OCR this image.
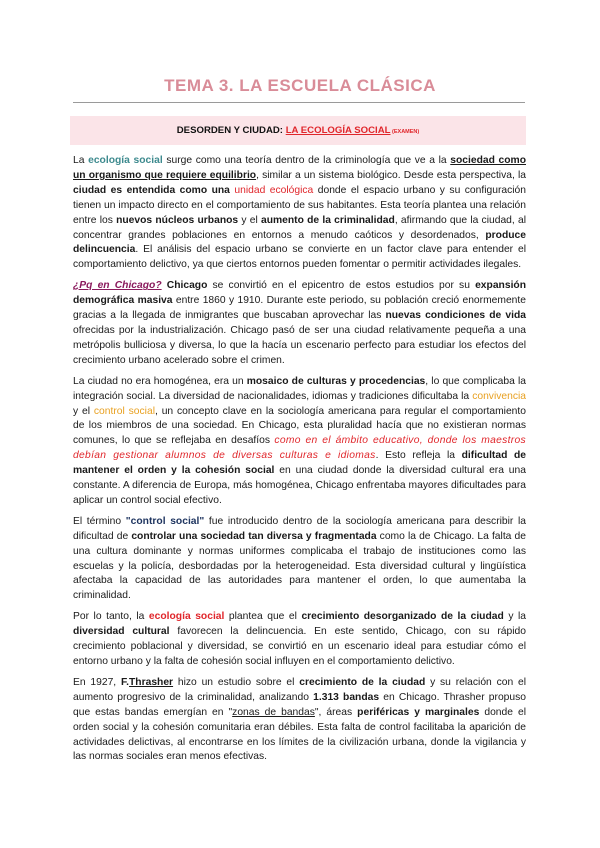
TEMA 3. LA ESCUELA CLÁSICA
DESORDEN Y CIUDAD: LA ECOLOGÍA SOCIAL (EXAMEN)

La ecología social surge como una teoría dentro de la criminología que ve a la sociedad como un organismo que requiere equilibrio, similar a un sistema biológico. Desde esta perspectiva, la ciudad es entendida como una unidad ecológica donde el espacio urbano y su configuración tienen un impacto directo en el comportamiento de sus habitantes. Esta teoría plantea una relación entre los nuevos núcleos urbanos y el aumento de la criminalidad, afirmando que la ciudad, al concentrar grandes poblaciones en entornos a menudo caóticos y desordenados, produce delincuencia. El análisis del espacio urbano se convierte en un factor clave para entender el comportamiento delictivo, ya que ciertos entornos pueden fomentar o permitir actividades ilegales.

¿Pq en Chicago? Chicago se convirtió en el epicentro de estos estudios por su expansión demográfica masiva entre 1860 y 1910. Durante este periodo, su población creció enormemente gracias a la llegada de inmigrantes que buscaban aprovechar las nuevas condiciones de vida ofrecidas por la industrialización. Chicago pasó de ser una ciudad relativamente pequeña a una metrópolis bulliciosa y diversa, lo que la hacía un escenario perfecto para estudiar los efectos del crecimiento urbano acelerado sobre el crimen.

La ciudad no era homogénea, era un mosaico de culturas y procedencias, lo que complicaba la integración social. La diversidad de nacionalidades, idiomas y tradiciones dificultaba la convivencia y el control social, un concepto clave en la sociología americana para regular el comportamiento de los miembros de una sociedad. En Chicago, esta pluralidad hacía que no existieran normas comunes, lo que se reflejaba en desafíos como en el ámbito educativo, donde los maestros debían gestionar alumnos de diversas culturas e idiomas. Esto refleja la dificultad de mantener el orden y la cohesión social en una ciudad donde la diversidad cultural era una constante. A diferencia de Europa, más homogénea, Chicago enfrentaba mayores dificultades para aplicar un control social efectivo.

El término "control social" fue introducido dentro de la sociología americana para describir la dificultad de controlar una sociedad tan diversa y fragmentada como la de Chicago. La falta de una cultura dominante y normas uniformes complicaba el trabajo de instituciones como las escuelas y la policía, desbordadas por la heterogeneidad. Esta diversidad cultural y lingüística afectaba la capacidad de las autoridades para mantener el orden, lo que aumentaba la criminalidad.

Por lo tanto, la ecología social plantea que el crecimiento desorganizado de la ciudad y la diversidad cultural favorecen la delincuencia. En este sentido, Chicago, con su rápido crecimiento poblacional y diversidad, se convirtió en un escenario ideal para estudiar cómo el entorno urbano y la falta de cohesión social influyen en el comportamiento delictivo.

En 1927, F.Thrasher hizo un estudio sobre el crecimiento de la ciudad y su relación con el aumento progresivo de la criminalidad, analizando 1.313 bandas en Chicago. Thrasher propuso que estas bandas emergían en "zonas de bandas", áreas periféricas y marginales donde el orden social y la cohesión comunitaria eran débiles. Esta falta de control facilitaba la aparición de actividades delictivas, al encontrarse en los límites de la civilización urbana, donde la vigilancia y las normas sociales eran menos efectivas.
